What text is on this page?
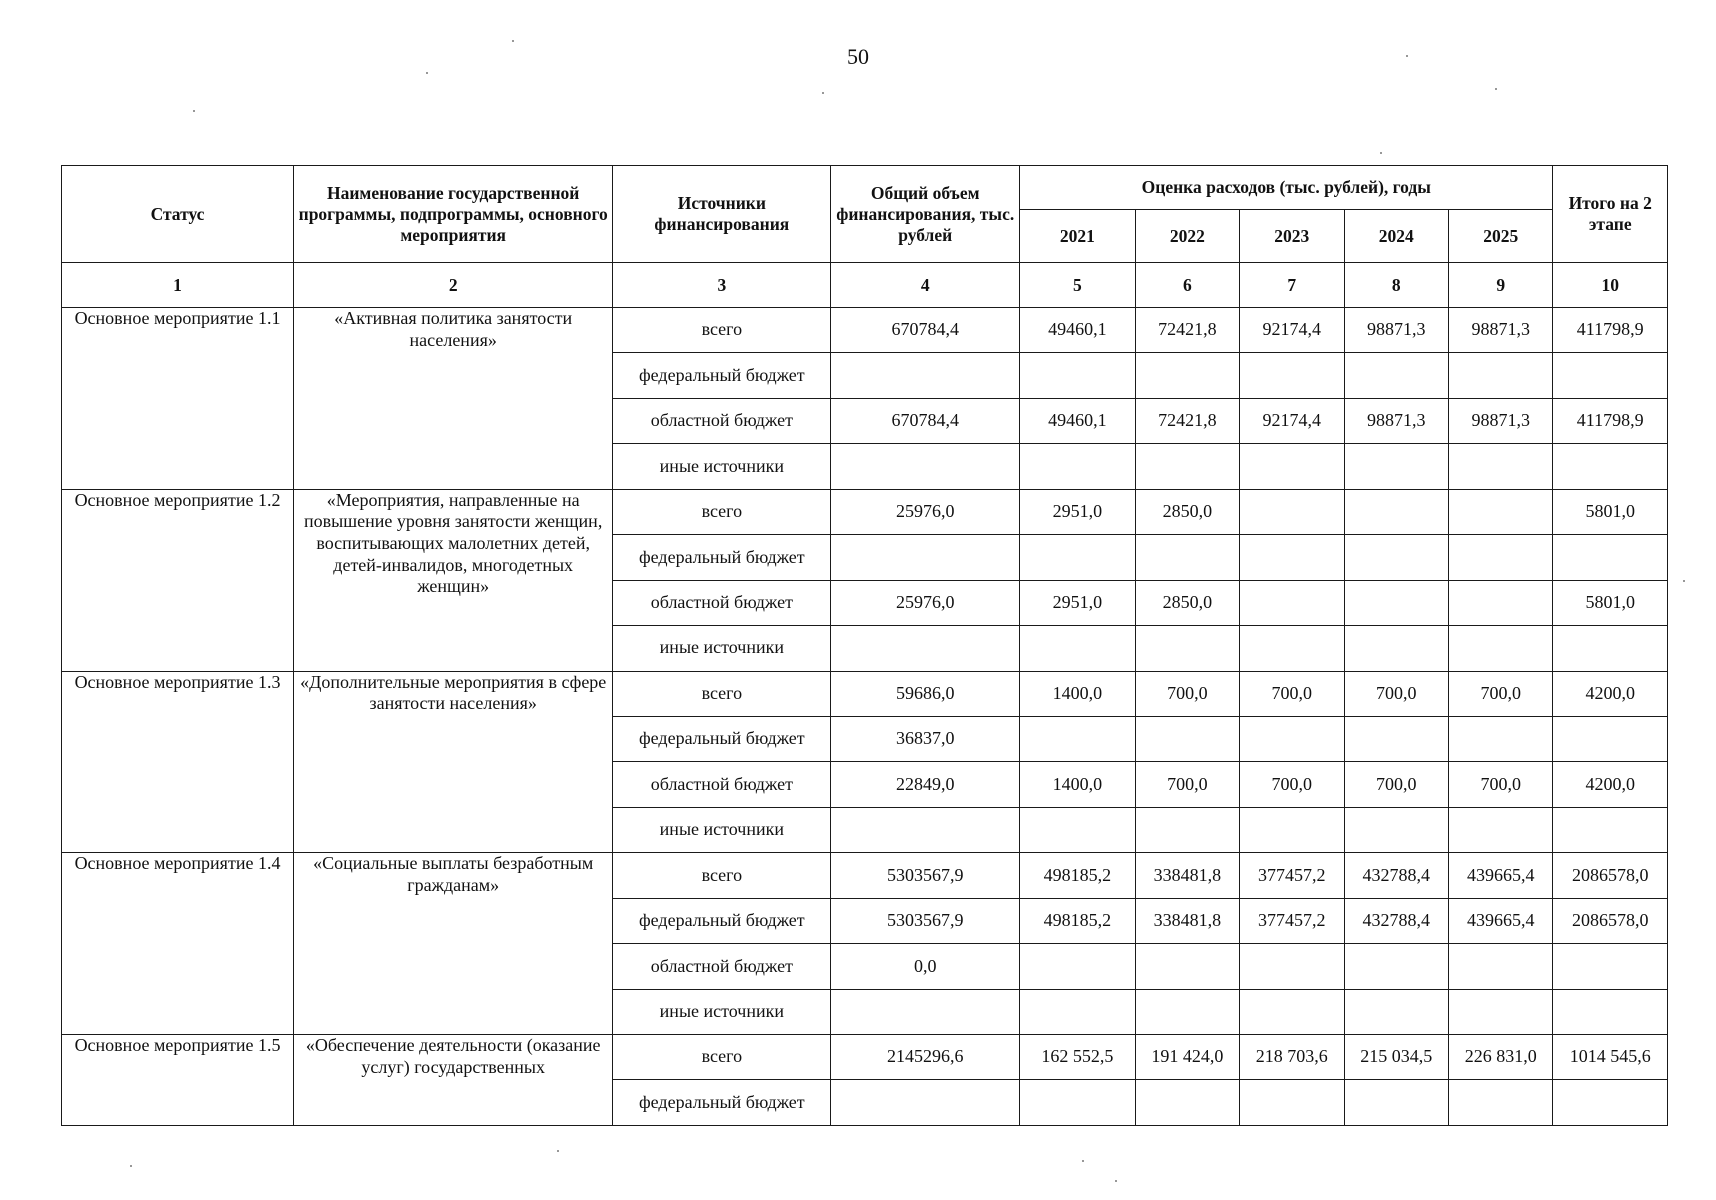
50
Статус	Наименование государственной программы, подпрограммы, основного мероприятия	Источники финансирования	Общий объем финансирования, тыс. рублей	Оценка расходов (тыс. рублей), годы					Итого на 2 этапе
				2021	2022	2023	2024	2025	
1	2	3	4	5	6	7	8	9	10
Основное мероприятие 1.1	«Активная политика занятости населения»	всего	670784,4	49460,1	72421,8	92174,4	98871,3	98871,3	411798,9
		федеральный бюджет							
		областной бюджет	670784,4	49460,1	72421,8	92174,4	98871,3	98871,3	411798,9
		иные источники							
Основное мероприятие 1.2	«Мероприятия, направленные на повышение уровня занятости женщин, воспитывающих малолетних детей, детей-инвалидов, многодетных женщин»	всего	25976,0	2951,0	2850,0				5801,0
		федеральный бюджет							
		областной бюджет	25976,0	2951,0	2850,0				5801,0
		иные источники							
Основное мероприятие 1.3	«Дополнительные мероприятия в сфере занятости населения»	всего	59686,0	1400,0	700,0	700,0	700,0	700,0	4200,0
		федеральный бюджет	36837,0						
		областной бюджет	22849,0	1400,0	700,0	700,0	700,0	700,0	4200,0
		иные источники							
Основное мероприятие 1.4	«Социальные выплаты безработным гражданам»	всего	5303567,9	498185,2	338481,8	377457,2	432788,4	439665,4	2086578,0
		федеральный бюджет	5303567,9	498185,2	338481,8	377457,2	432788,4	439665,4	2086578,0
		областной бюджет	0,0						
		иные источники							
Основное мероприятие 1.5	«Обеспечение деятельности (оказание услуг) государственных	всего	2145296,6	162 552,5	191 424,0	218 703,6	215 034,5	226 831,0	1014 545,6
		федеральный бюджет							
